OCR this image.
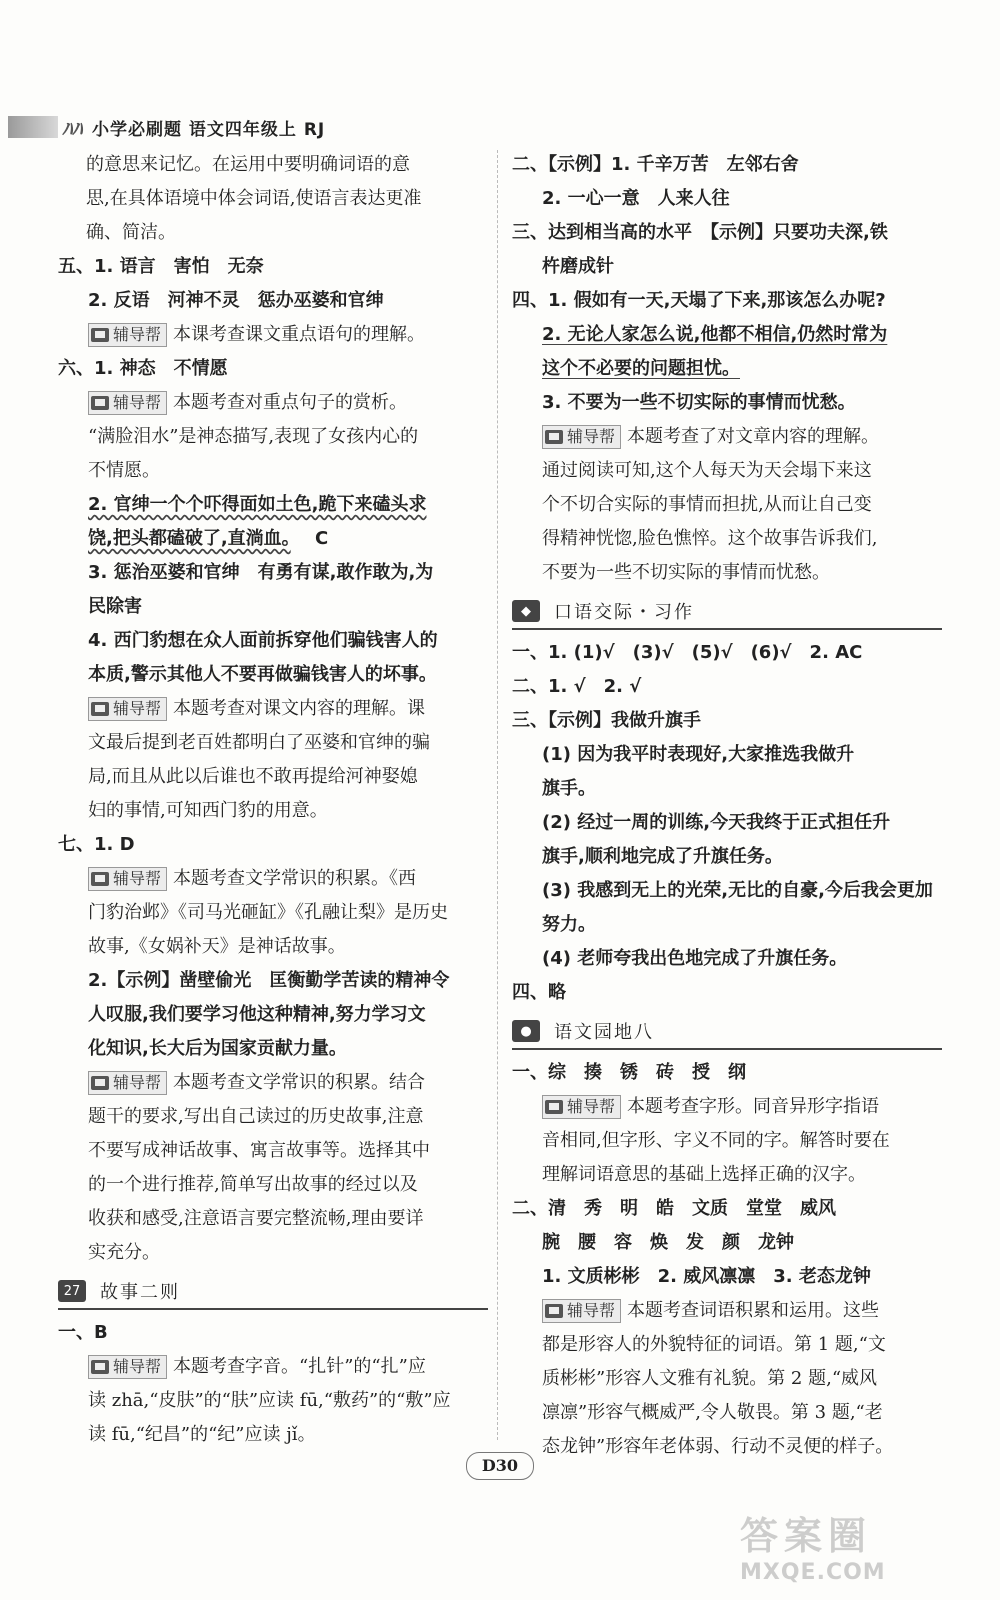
ﾊﾊ 小学必刷题 语文四年级上 RJ
的意思来记忆。在运用中要明确词语的意
思,在具体语境中体会词语,使语言表达更准
确、简洁。
五、1. 语言　害怕　无奈
2. 反语　河神不灵　惩办巫婆和官绅
辅导帮 本课考查课文重点语句的理解。
六、1. 神态　不情愿
辅导帮 本题考查对重点句子的赏析。
“满脸泪水”是神态描写,表现了女孩内心的
不情愿。
2. 官绅一个个吓得面如土色,跪下来磕头求
饶,把头都磕破了,直淌血。　 C
3. 惩治巫婆和官绅　有勇有谋,敢作敢为,为
民除害
4. 西门豹想在众人面前拆穿他们骗钱害人的
本质,警示其他人不要再做骗钱害人的坏事。
辅导帮 本题考查对课文内容的理解。课
文最后提到老百姓都明白了巫婆和官绅的骗
局,而且从此以后谁也不敢再提给河神娶媳
妇的事情,可知西门豹的用意。
七、1. D
辅导帮 本题考查文学常识的积累。《西
门豹治邺》《司马光砸缸》《孔融让梨》是历史
故事,《女娲补天》是神话故事。
2.【示例】凿壁偷光　匡衡勤学苦读的精神令
人叹服,我们要学习他这种精神,努力学习文
化知识,长大后为国家贡献力量。
辅导帮 本题考查文学常识的积累。结合
题干的要求,写出自己读过的历史故事,注意
不要写成神话故事、寓言故事等。选择其中
的一个进行推荐,简单写出故事的经过以及
收获和感受,注意语言要完整流畅,理由要详
实充分。
27	故事二则
一、B
辅导帮 本题考查字音。“扎针”的“扎”应
读 zhā,“皮肤”的“肤”应读 fū,“敷药”的“敷”应
读 fū,“纪昌”的“纪”应读 jǐ。
二、【示例】1. 千辛万苦　左邻右舍
2. 一心一意　人来人往
三、达到相当高的水平　【示例】只要功夫深,铁
杵磨成针
四、1. 假如有一天,天塌了下来,那该怎么办呢?
2. 无论人家怎么说,他都不相信,仍然时常为
这个不必要的问题担忧。
3. 不要为一些不切实际的事情而忧愁。
辅导帮 本题考查了对文章内容的理解。
通过阅读可知,这个人每天为天会塌下来这
个不切合实际的事情而担扰,从而让自己变
得精神恍惚,脸色憔悴。这个故事告诉我们,
不要为一些不切实际的事情而忧愁。
◆	口语交际・习作
一、1. (1)√　(3)√　(5)√　(6)√　2. AC
二、1. √　2. √
三、【示例】我做升旗手
(1) 因为我平时表现好,大家推选我做升
旗手。
(2) 经过一周的训练,今天我终于正式担任升
旗手,顺利地完成了升旗任务。
(3) 我感到无上的光荣,无比的自豪,今后我会更加
努力。
(4) 老师夸我出色地完成了升旗任务。
四、略
●	语文园地八
一、综　揍　锈　砖　授　纲
辅导帮 本题考查字形。同音异形字指语
音相同,但字形、字义不同的字。解答时要在
理解词语意思的基础上选择正确的汉字。
二、清　秀　明　皓　文质　堂堂　威风
腕　腰　容　焕　发　颜　龙钟
1. 文质彬彬　2. 威风凛凛　3. 老态龙钟
辅导帮 本题考查词语积累和运用。这些
都是形容人的外貌特征的词语。第 1 题,“文
质彬彬”形容人文雅有礼貌。第 2 题,“威风
凛凛”形容气概威严,令人敬畏。第 3 题,“老
态龙钟”形容年老体弱、行动不灵便的样子。
D30
答案圈
MXQE.COM
